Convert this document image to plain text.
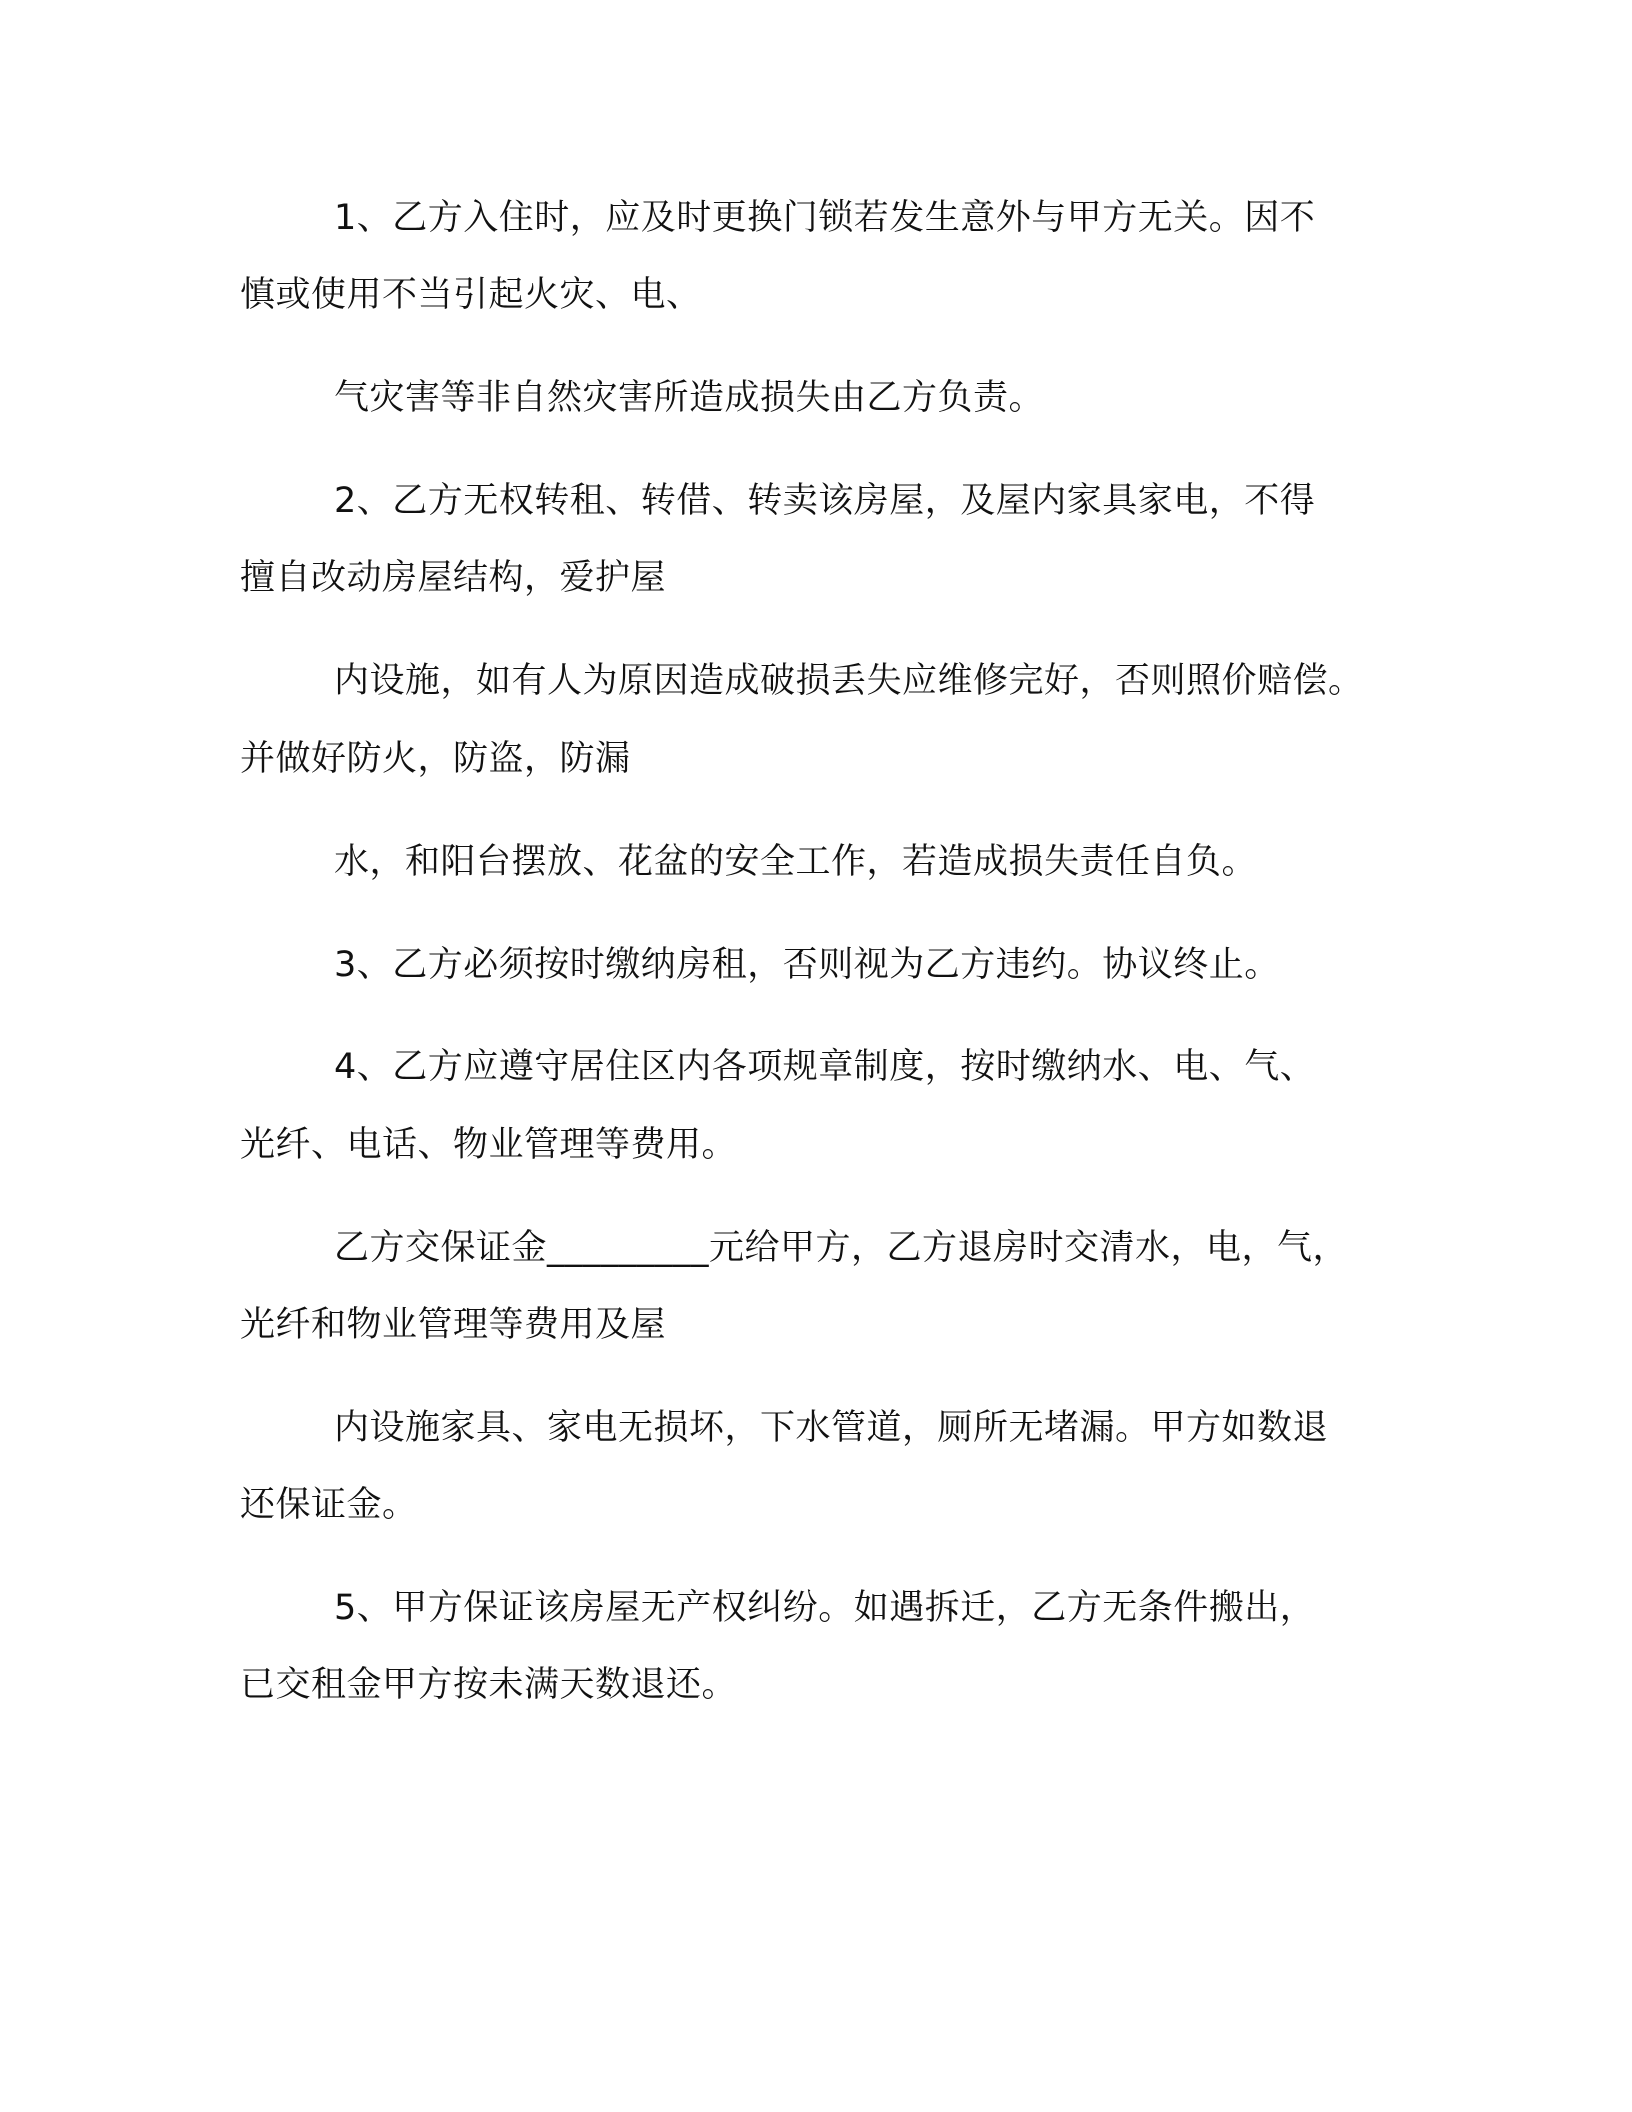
1、乙方入住时，应及时更换门锁若发生意外与甲方无关。因不
慎或使用不当引起火灾、电、
气灾害等非自然灾害所造成损失由乙方负责。
2、乙方无权转租、转借、转卖该房屋，及屋内家具家电，不得
擅自改动房屋结构，爱护屋
内设施，如有人为原因造成破损丢失应维修完好，否则照价赔偿。
并做好防火，防盗，防漏
水，和阳台摆放、花盆的安全工作，若造成损失责任自负。
3、乙方必须按时缴纳房租，否则视为乙方违约。协议终止。
4、乙方应遵守居住区内各项规章制度，按时缴纳水、电、气、
光纤、电话、物业管理等费用。
乙方交保证金_________元给甲方，乙方退房时交清水，电，气，
光纤和物业管理等费用及屋
内设施家具、家电无损坏，下水管道，厕所无堵漏。甲方如数退
还保证金。
5、甲方保证该房屋无产权纠纷。如遇拆迁，乙方无条件搬出，
已交租金甲方按未满天数退还。
